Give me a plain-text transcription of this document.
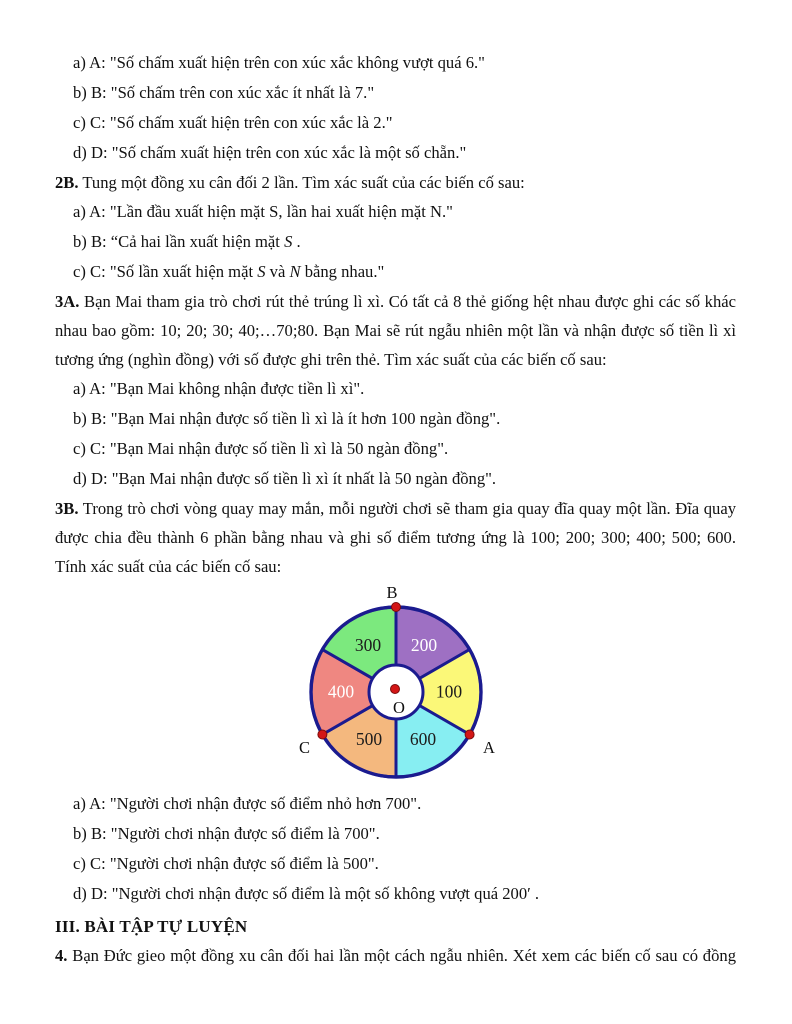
a) A: "Số chấm xuất hiện trên con xúc xắc không vượt quá 6."

b) B: "Số chấm trên con xúc xắc ít nhất là 7."

c) C: "Số chấm xuất hiện trên con xúc xắc là 2."

d) D: "Số chấm xuất hiện trên con xúc xắc là một số chẵn."

2B. Tung một đồng xu cân đối 2 lần. Tìm xác suất của các biến cố sau:

a) A: "Lần đầu xuất hiện mặt S, lần hai xuất hiện mặt N."

b) B: “Cả hai lần xuất hiện mặt S .

c) C: "Số lần xuất hiện mặt S và N bằng nhau."

3A. Bạn Mai tham gia trò chơi rút thẻ trúng lì xì. Có tất cả 8 thẻ giống hệt nhau được ghi các số khác nhau bao gồm: 10; 20; 30; 40;…70;80. Bạn Mai sẽ rút ngẫu nhiên một lần và nhận được số tiền lì xì tương ứng (nghìn đồng) với số được ghi trên thẻ. Tìm xác suất của các biến cố sau:

a) A: "Bạn Mai không nhận được tiền lì xì".

b) B: "Bạn Mai nhận được số tiền lì xì là ít hơn 100 ngàn đồng".

c) C: "Bạn Mai nhận được số tiền lì xì là 50 ngàn đồng".

d) D: "Bạn Mai nhận được số tiền lì xì ít nhất là 50 ngàn đồng".

3B. Trong trò chơi vòng quay may mắn, mỗi người chơi sẽ tham gia quay đĩa quay một lần. Đĩa quay được chia đều thành 6 phần bằng nhau và ghi số điểm tương ứng là 100; 200; 300; 400; 500; 600. Tính xác suất của các biến cố sau:

200
100
600
500
400
300
O
B
A
C

a) A: "Người chơi nhận được số điểm nhỏ hơn 700".

b) B: "Người chơi nhận được số điểm là 700".

c) C: "Người chơi nhận được số điểm là 500".

d) D: "Người chơi nhận được số điểm là một số không vượt quá 200′ .

III. BÀI TẬP TỰ LUYỆN

4. Bạn Đức gieo một đồng xu cân đối hai lần một cách ngẫu nhiên. Xét xem các biến cố sau có đồng
